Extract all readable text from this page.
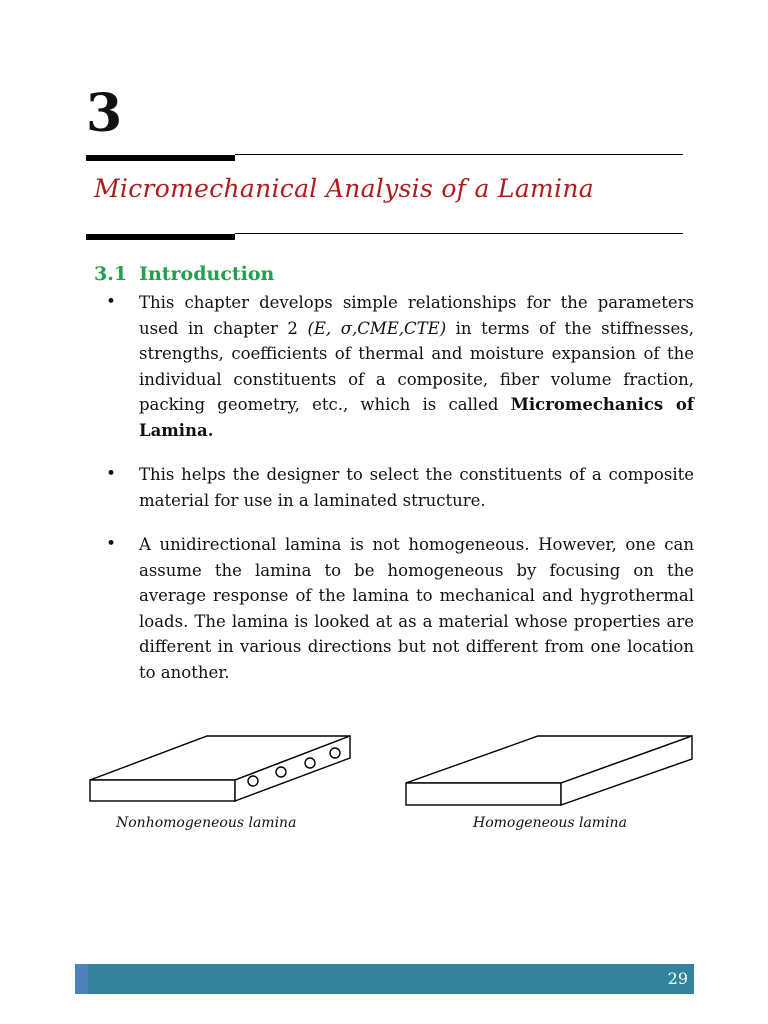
3
Micromechanical Analysis of a Lamina
3.1 Introduction
•	This chapter develops simple relationships for the parameters used in chapter 2 (E, σ,CME,CTE) in terms of the stiffnesses, strengths, coefficients of thermal and moisture expansion of the individual constituents of a composite, fiber volume fraction, packing geometry, etc., which is called Micromechanics of Lamina.
•	This helps the designer to select the constituents of a composite material for use in a laminated structure.
•	A unidirectional lamina is not homogeneous. However, one can assume the lamina to be homogeneous by focusing on the average response of the lamina to mechanical and hygrothermal loads. The lamina is looked at as a material whose properties are different in various directions but not different from one location to another.
Nonhomogeneous lamina	Homogeneous lamina
29
